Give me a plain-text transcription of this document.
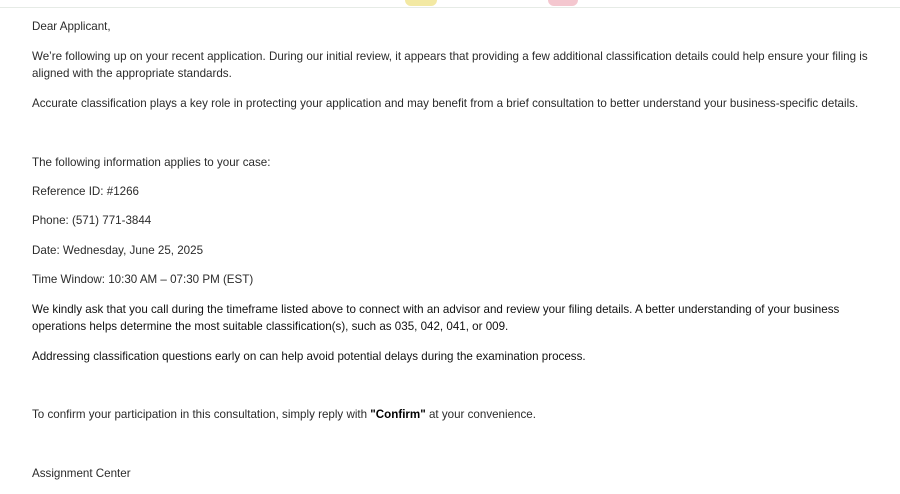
Dear Applicant,
We’re following up on your recent application. During our initial review, it appears that providing a few additional classification details could help ensure your filing is aligned with the appropriate standards.
Accurate classification plays a key role in protecting your application and may benefit from a brief consultation to better understand your business-specific details.
The following information applies to your case:
Reference ID: #1266
Phone: (571) 771-3844
Date: Wednesday, June 25, 2025
Time Window: 10:30 AM – 07:30 PM (EST)
We kindly ask that you call during the timeframe listed above to connect with an advisor and review your filing details. A better understanding of your business operations helps determine the most suitable classification(s), such as 035, 042, 041, or 009.
Addressing classification questions early on can help avoid potential delays during the examination process.
To confirm your participation in this consultation, simply reply with "Confirm" at your convenience.
Assignment Center
